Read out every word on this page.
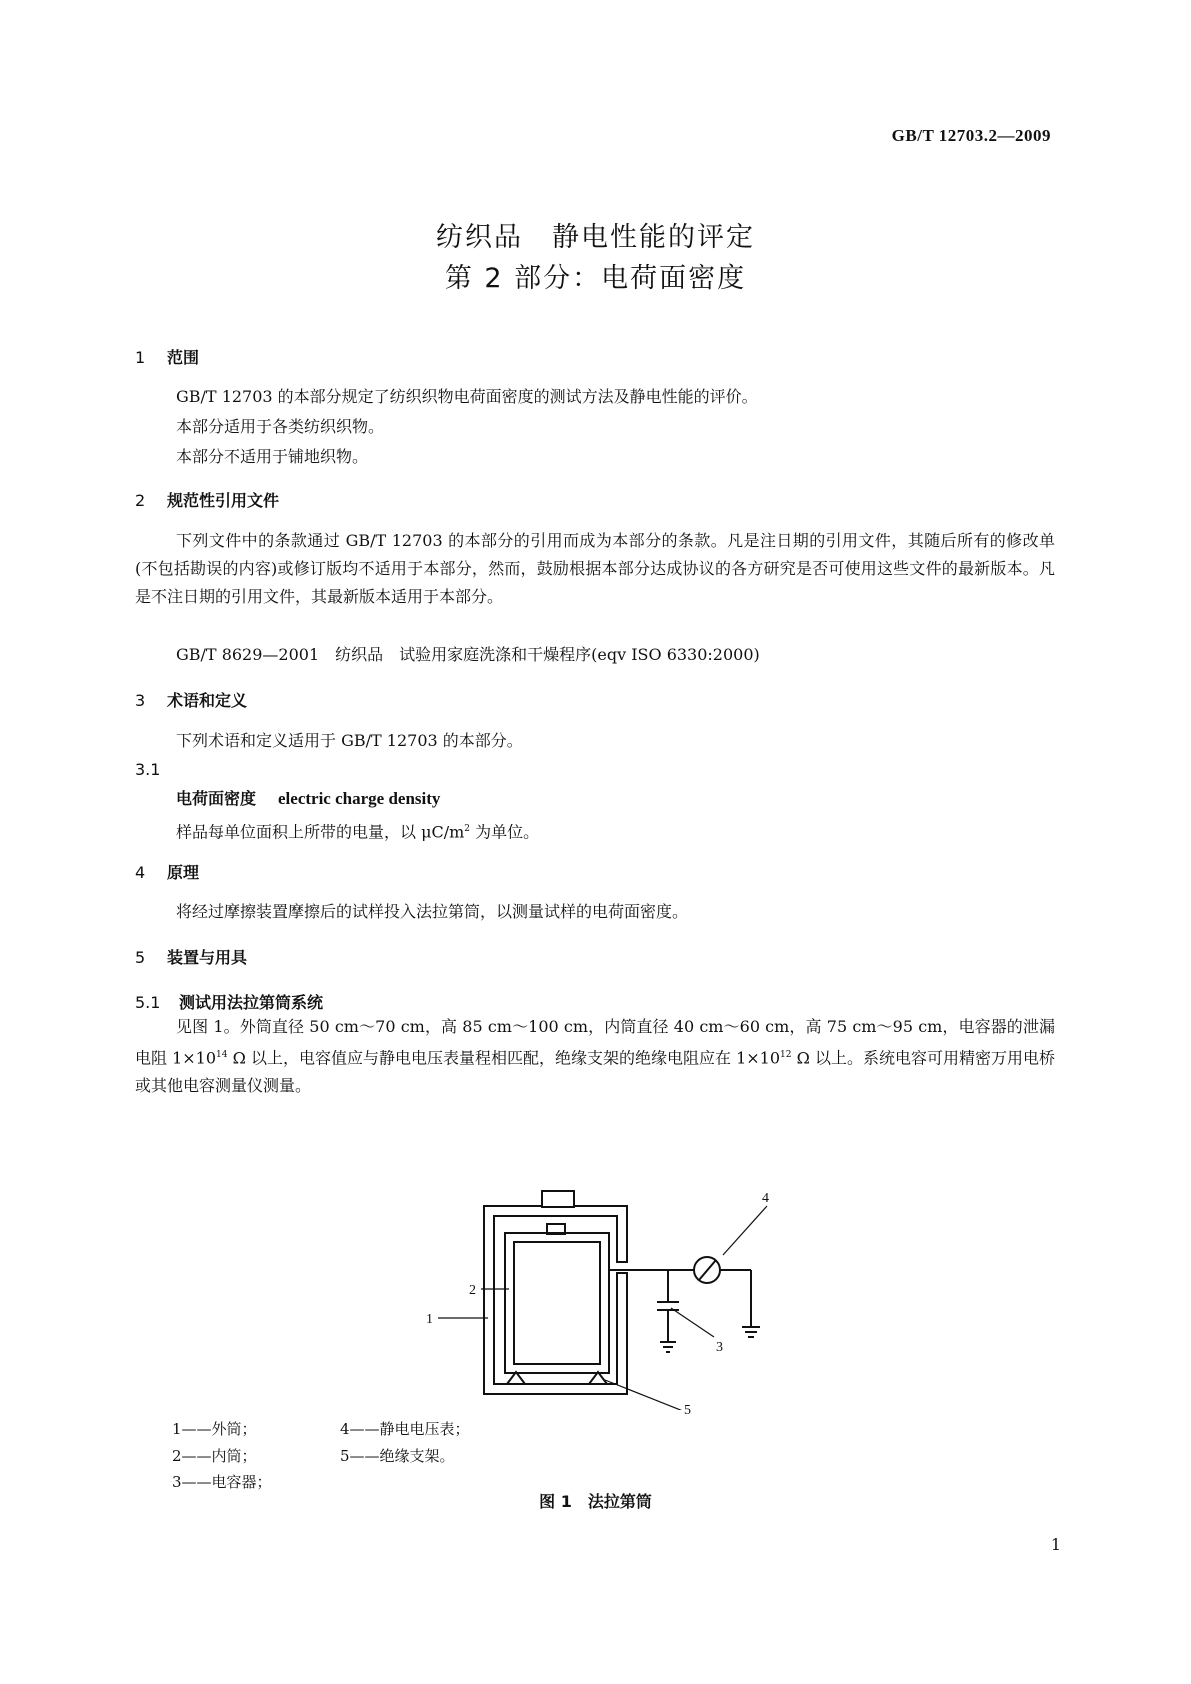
GB/T 12703.2—2009
纺织品　静电性能的评定
第 2 部分：电荷面密度
1 范围
GB/T 12703 的本部分规定了纺织织物电荷面密度的测试方法及静电性能的评价。
本部分适用于各类纺织织物。
本部分不适用于铺地织物。
2 规范性引用文件
下列文件中的条款通过 GB/T 12703 的本部分的引用而成为本部分的条款。凡是注日期的引用文件，其随后所有的修改单(不包括勘误的内容)或修订版均不适用于本部分，然而，鼓励根据本部分达成协议的各方研究是否可使用这些文件的最新版本。凡是不注日期的引用文件，其最新版本适用于本部分。
GB/T 8629—2001　纺织品　试验用家庭洗涤和干燥程序(eqv ISO 6330:2000)
3 术语和定义
下列术语和定义适用于 GB/T 12703 的本部分。
3.1
电荷面密度 electric charge density
样品每单位面积上所带的电量，以 $\mu C/m^2$ 为单位。
4 原理
将经过摩擦装置摩擦后的试样投入法拉第筒，以测量试样的电荷面密度。
5 装置与用具
5.1 测试用法拉第筒系统
见图 1。外筒直径 50 cm～70 cm，高 85 cm～100 cm，内筒直径 40 cm～60 cm，高 75 cm～95 cm，电容器的泄漏电阻 $1\times 10^{14}$ Ω 以上，电容值应与静电电压表量程相匹配，绝缘支架的绝缘电阻应在 $1\times 10^{12}$ Ω 以上。系统电容可用精密万用电桥或其他电容测量仪测量。
2
1
3
4
5
1——外筒；	4——静电电压表；
2——内筒；	5——绝缘支架。
3——电容器；
图 1　法拉第筒
1
